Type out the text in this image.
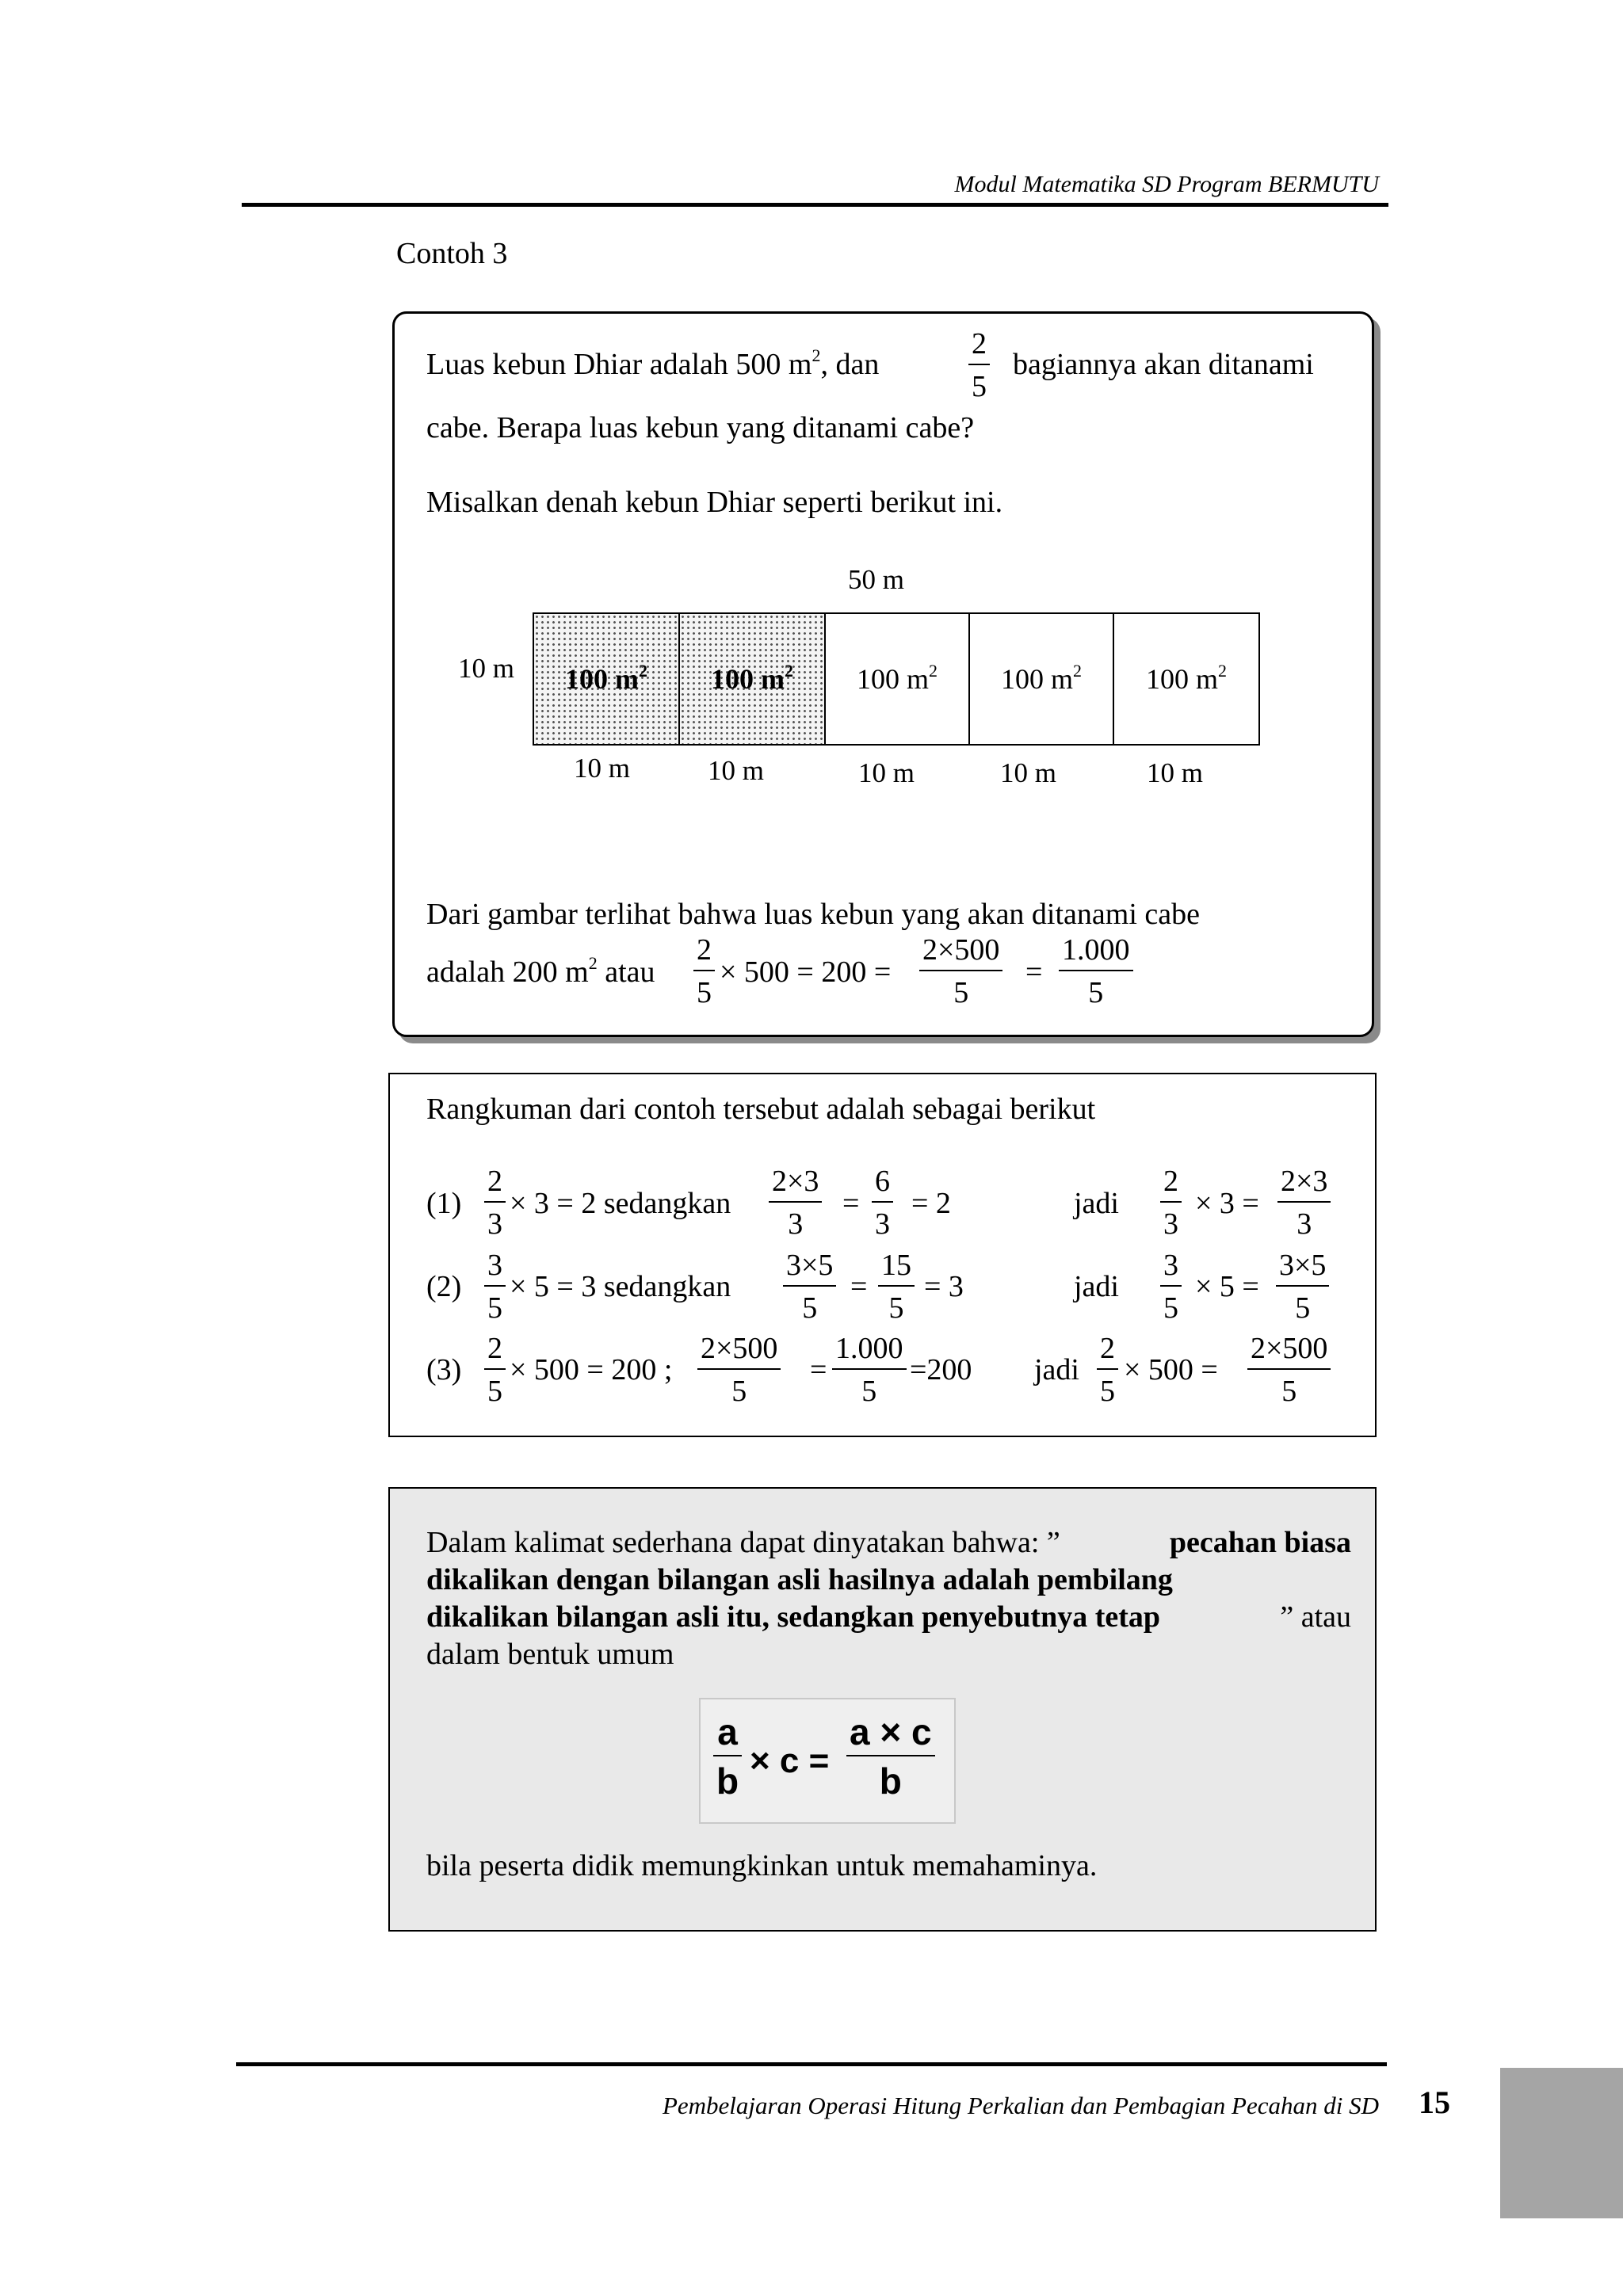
Modul Matematika SD Program BERMUTU
Contoh 3
Luas kebun Dhiar adalah 500 $m^2$, dan
2
5
bagiannya akan ditanami
cabe. Berapa luas kebun yang ditanami cabe?
Misalkan denah kebun Dhiar seperti berikut ini.
50 m
10 m 100 $m^2$ 100 $m^2$ 100 $m^2$ 100 $m^2$ 100 $m^2$
10 m	10 m	10 m	10 m	10 m
Dari gambar terlihat bahwa luas kebun yang akan ditanami cabe
adalah 200 $m^2$ atau
2
5
× 500 = 200 =
2×500
5
=
1.000
5
Rangkuman dari contoh tersebut adalah sebagai berikut
(1)
2
3
× 3 = 2 sedangkan
2×3
3
=
6
3
= 2	jadi
2
3
× 3 =
2×3
3
(2)
3
5
× 5 = 3 sedangkan
3×5
5
=
15
5
= 3	jadi
3
5
× 5 =
3×5
5
(3)
2
5
× 500 = 200 ;
2×500
5
=
1.000
5
=200 jadi
2
5
× 500 =
2×500
5
Dalam kalimat sederhana dapat dinyatakan bahwa: ”	pecahan biasa
dikalikan dengan bilangan asli hasilnya adalah pembilang
dikalikan bilangan asli itu, sedangkan penyebutnya tetap	” atau
dalam bentuk umum
a
b × c =
a × c
b
bila peserta didik memungkinkan untuk memahaminya.
Pembelajaran Operasi Hitung Perkalian dan Pembagian Pecahan di SD 15
